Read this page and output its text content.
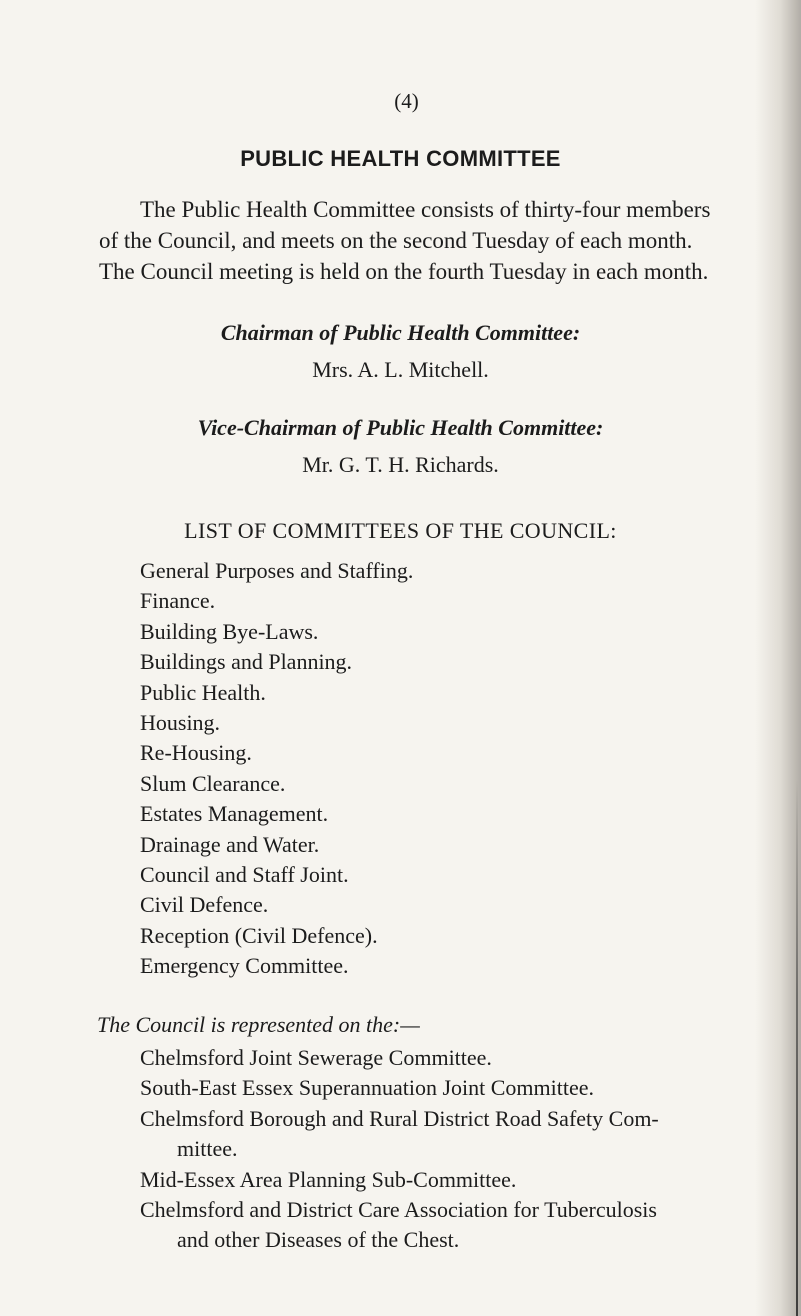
(4)
PUBLIC HEALTH COMMITTEE
The Public Health Committee consists of thirty-four members
of the Council, and meets on the second Tuesday of each month.
The Council meeting is held on the fourth Tuesday in each month.
Chairman of Public Health Committee:
Mrs. A. L. Mitchell.
Vice-Chairman of Public Health Committee:
Mr. G. T. H. Richards.
LIST OF COMMITTEES OF THE COUNCIL:
General Purposes and Staffing.
Finance.
Building Bye-Laws.
Buildings and Planning.
Public Health.
Housing.
Re-Housing.
Slum Clearance.
Estates Management.
Drainage and Water.
Council and Staff Joint.
Civil Defence.
Reception (Civil Defence).
Emergency Committee.
The Council is represented on the:—
Chelmsford Joint Sewerage Committee.
South-East Essex Superannuation Joint Committee.
Chelmsford Borough and Rural District Road Safety Com-
mittee.
Mid-Essex Area Planning Sub-Committee.
Chelmsford and District Care Association for Tuberculosis
and other Diseases of the Chest.
